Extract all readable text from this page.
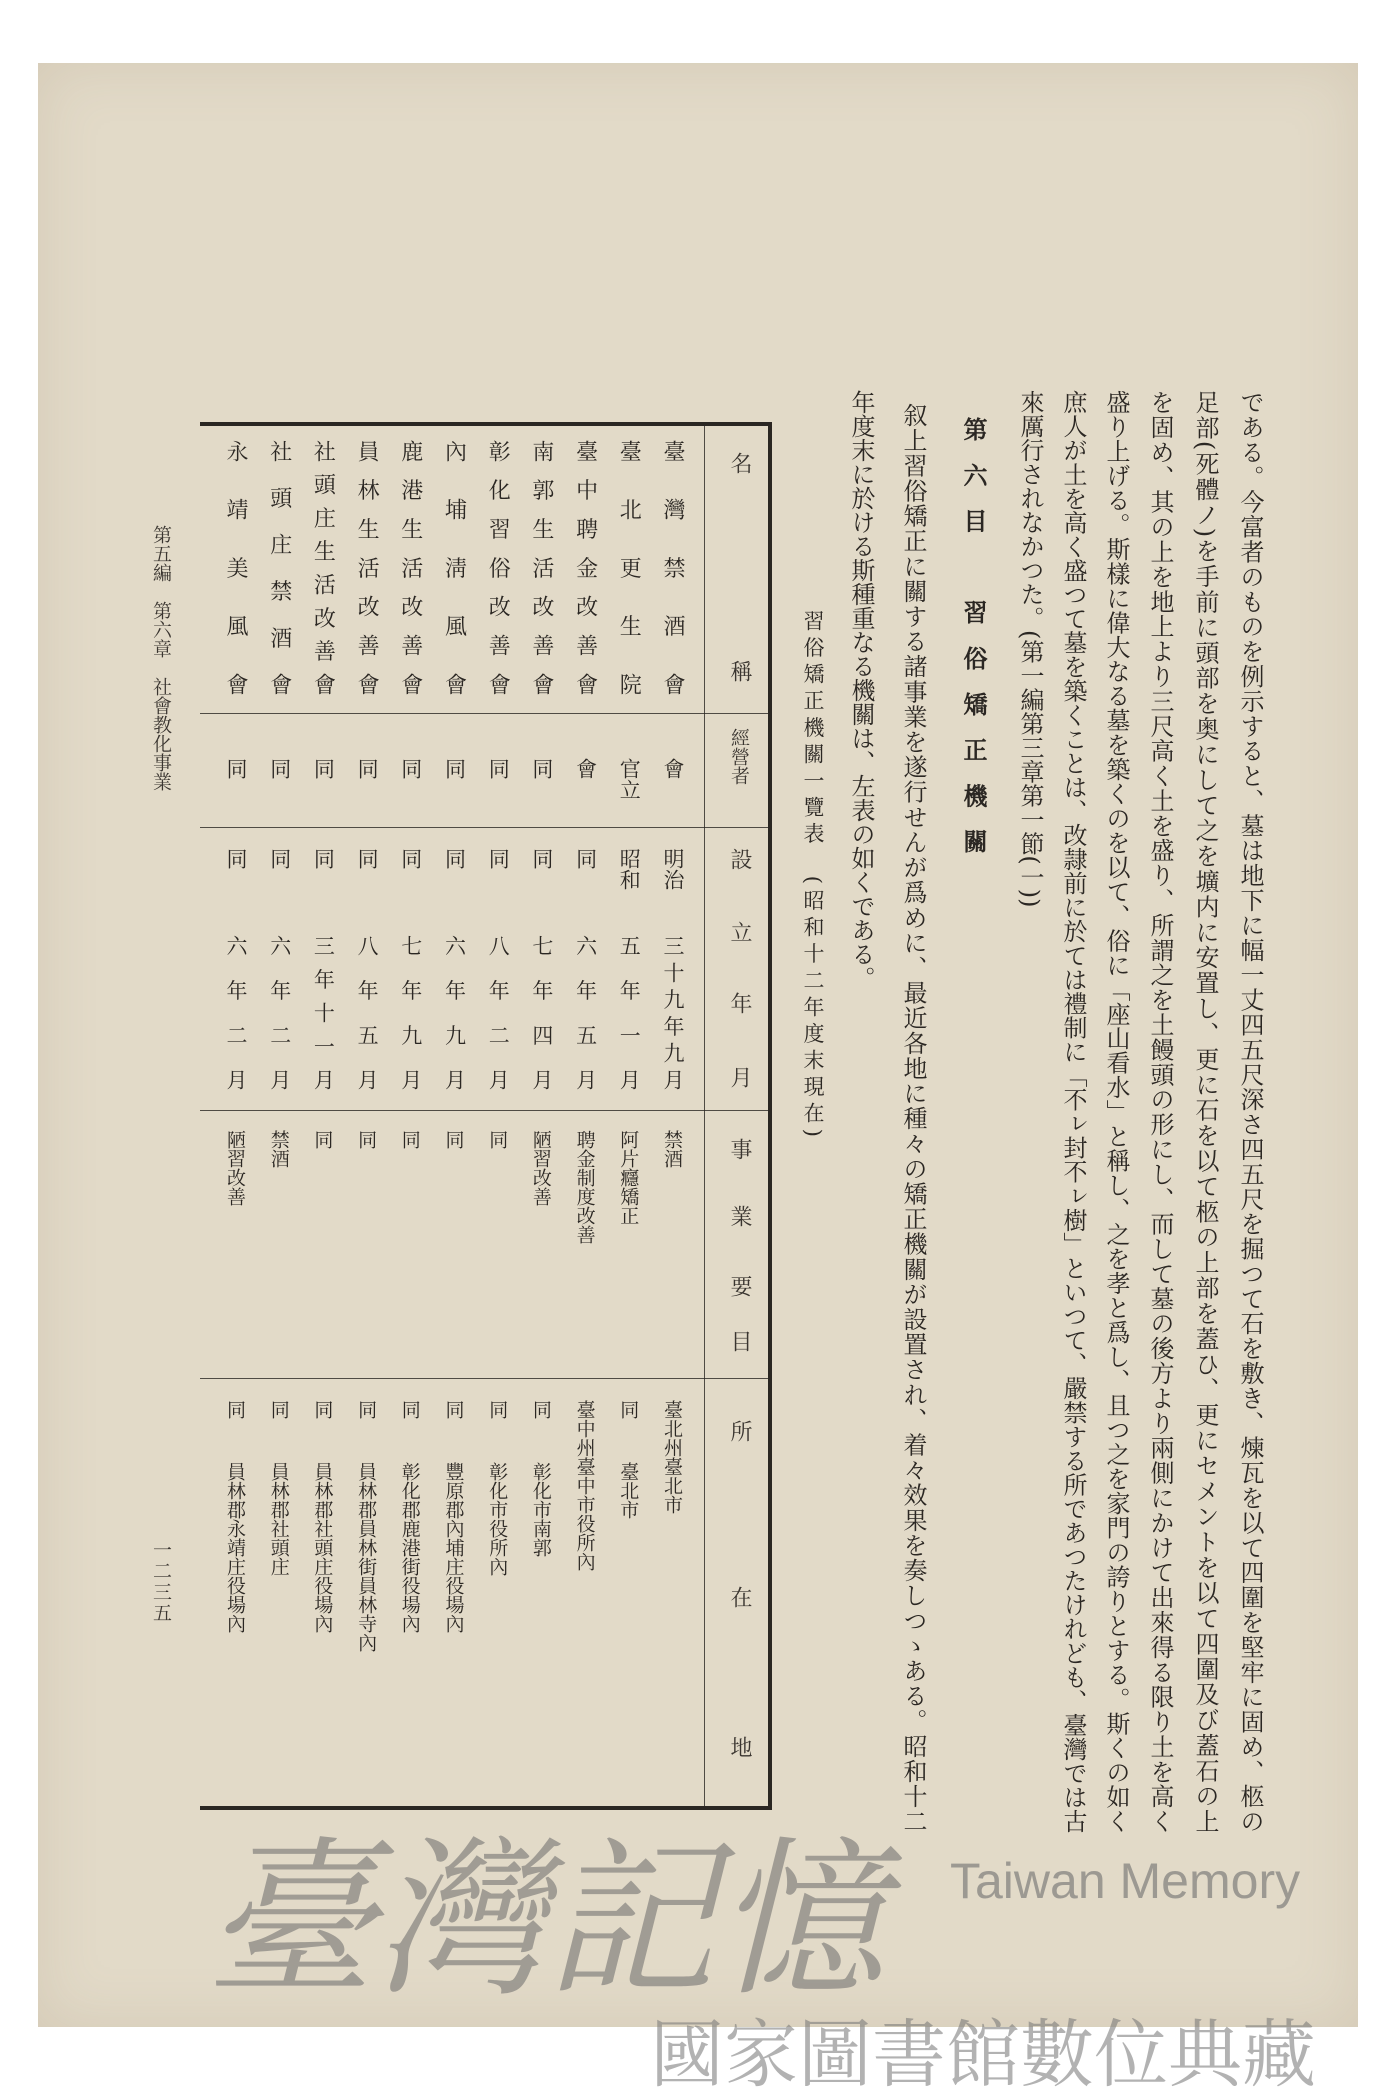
である。今富者のものを例示すると、墓は地下に幅一丈四五尺深さ四五尺を掘つて石を敷き、煉瓦を以て四圍を堅牢に固め、柩の
足部(死體ノ)を手前に頭部を奥にして之を壙内に安置し、更に石を以て柩の上部を蓋ひ、更にセメントを以て四圍及び蓋石の上
を固め、其の上を地上より三尺高く土を盛り、所謂之を土饅頭の形にし、而して墓の後方より兩側にかけて出來得る限り土を高く
盛り上げる。斯樣に偉大なる墓を築くのを以て、俗に「座山看水」と稱し、之を孝と爲し、且つ之を家門の誇りとする。斯くの如く
庶人が土を高く盛つて墓を築くことは、改隷前に於ては禮制に「不ㇾ封不ㇾ樹」といつて、嚴禁する所であつたけれども、臺灣では古
來厲行されなかつた。(第一編第三章第一節(一))
第六目　習俗矯正機關
叙上習俗矯正に關する諸事業を遂行せんが爲めに、最近各地に種々の矯正機關が設置され、着々效果を奏しつゝある。昭和十二
年度末に於ける斯種重なる機關は、左表の如くである。
習俗矯正機關一覽表　(昭和十二年度末現在)
名
稱
經營者
設
立
年
月
事
業
要
目
所
在
地
臺灣禁酒會
會
明治
三十九年九月
禁酒
臺北州臺北市
臺北更生院
官立
昭和
五年一月
阿片癮矯正
同
臺北市
臺中聘金改善會
會
同
六年五月
聘金制度改善
臺中州臺中市役所內
南郭生活改善會
同
同
七年四月
陋習改善
同
彰化市南郭
彰化習俗改善會
同
同
八年二月
同
同
彰化市役所內
內埔淸風會
同
同
六年九月
同
同
豐原郡內埔庄役場內
鹿港生活改善會
同
同
七年九月
同
同
彰化郡鹿港街役場內
員林生活改善會
同
同
八年五月
同
同
員林郡員林街員林寺內
社頭庄生活改善會
同
同
三年十一月
同
同
員林郡社頭庄役場內
社頭庄禁酒會
同
同
六年二月
禁酒
同
員林郡社頭庄
永靖美風會
同
同
六年二月
陋習改善
同
員林郡永靖庄役場內
第五編　第六章　社會教化事業
一二三五
臺灣記憶 Taiwan Memory
國家圖書館數位典藏
